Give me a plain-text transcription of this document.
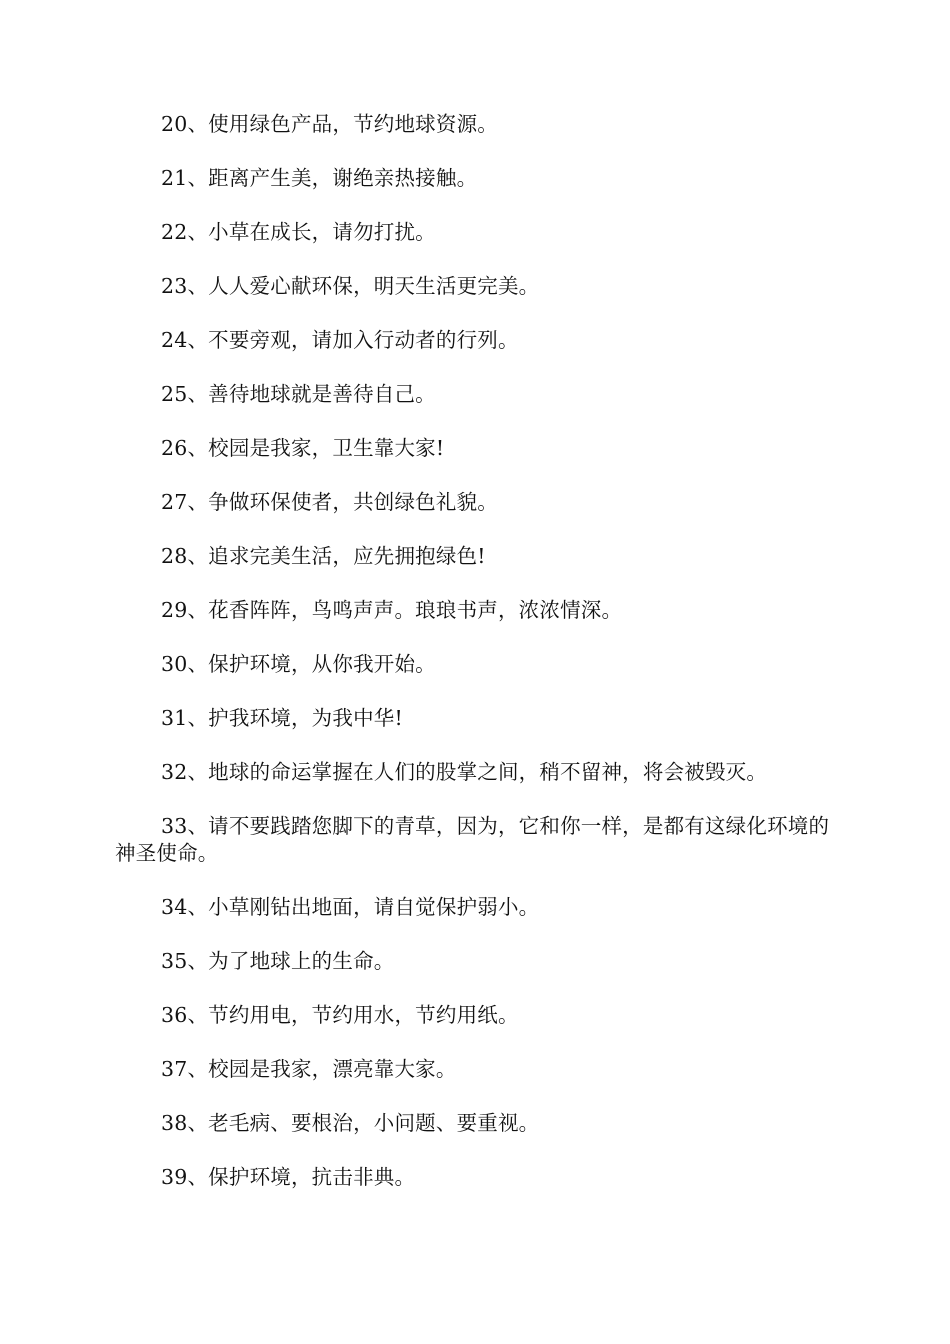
20、使用绿色产品，节约地球资源。

21、距离产生美，谢绝亲热接触。

22、小草在成长，请勿打扰。

23、人人爱心献环保，明天生活更完美。

24、不要旁观，请加入行动者的行列。

25、善待地球就是善待自己。

26、校园是我家，卫生靠大家!

27、争做环保使者，共创绿色礼貌。

28、追求完美生活，应先拥抱绿色!

29、花香阵阵，鸟鸣声声。琅琅书声，浓浓情深。

30、保护环境，从你我开始。

31、护我环境，为我中华!

32、地球的命运掌握在人们的股掌之间，稍不留神，将会被毁灭。

33、请不要践踏您脚下的青草，因为，它和你一样，是都有这绿化环境的神圣使命。

34、小草刚钻出地面，请自觉保护弱小。

35、为了地球上的生命。

36、节约用电，节约用水，节约用纸。

37、校园是我家，漂亮靠大家。

38、老毛病、要根治，小问题、要重视。

39、保护环境，抗击非典。
